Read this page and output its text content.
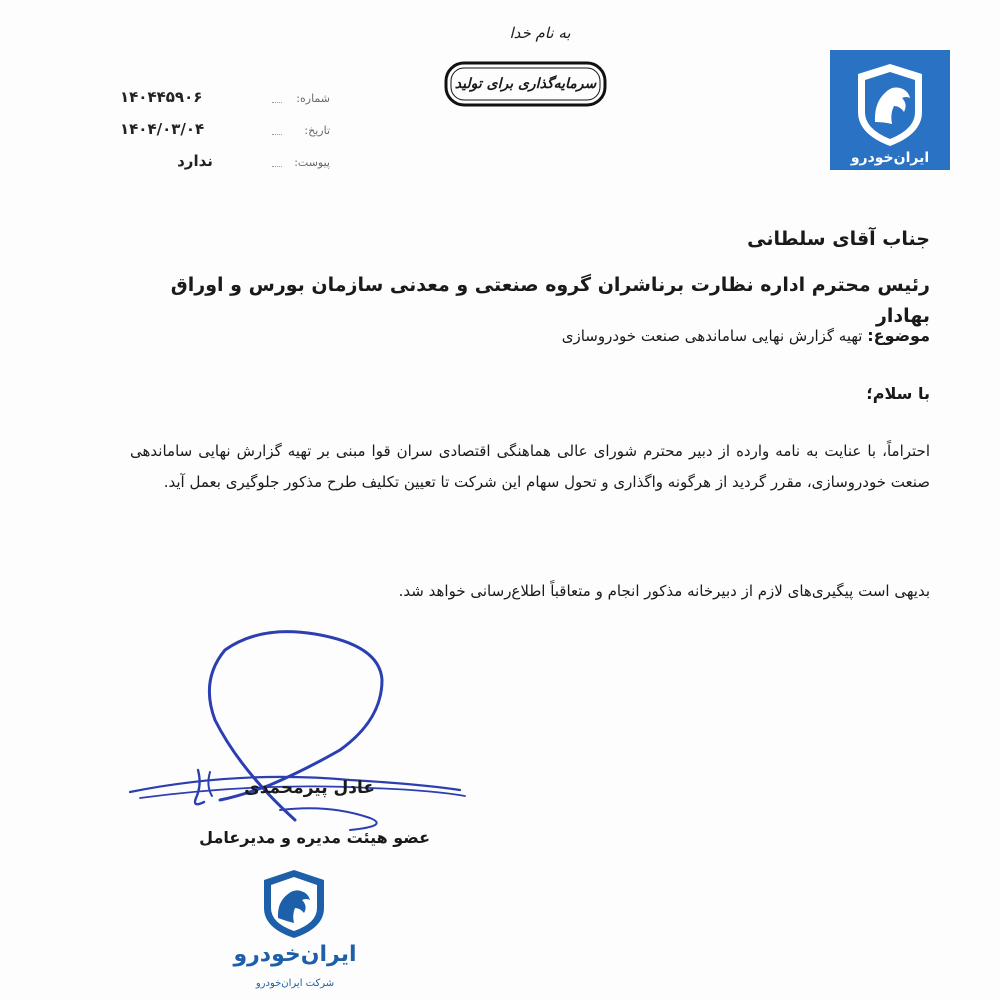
به نام خدا
سرمایه‌گذاری برای تولید
ایران‌خودرو
شماره:
۱۴۰۴۴۵۹۰۶
تاریخ:
۱۴۰۴/۰۳/۰۴
پیوست:
ندارد
جناب آقای سلطانی
رئیس محترم اداره نظارت برناشران گروه صنعتی و معدنی سازمان بورس و اوراق بهادار
موضوع: تهیه گزارش نهایی ساماندهی صنعت خودروسازی
با سلام؛
احتراماً، با عنایت به نامه وارده از دبیر محترم شورای عالی هماهنگی اقتصادی سران قوا مبنی بر تهیه گزارش نهایی ساماندهی صنعت خودروسازی، مقرر گردید از هرگونه واگذاری و تحول سهام این شرکت تا تعیین تکلیف طرح مذکور جلوگیری بعمل آید.
بدیهی است پیگیری‌های لازم از دبیرخانه مذکور انجام و متعاقباً اطلاع‌رسانی خواهد شد.
عادل پیرمحمدی
عضو هیئت مدیره و مدیرعامل
ایران‌خودرو
شرکت ایران‌خودرو
